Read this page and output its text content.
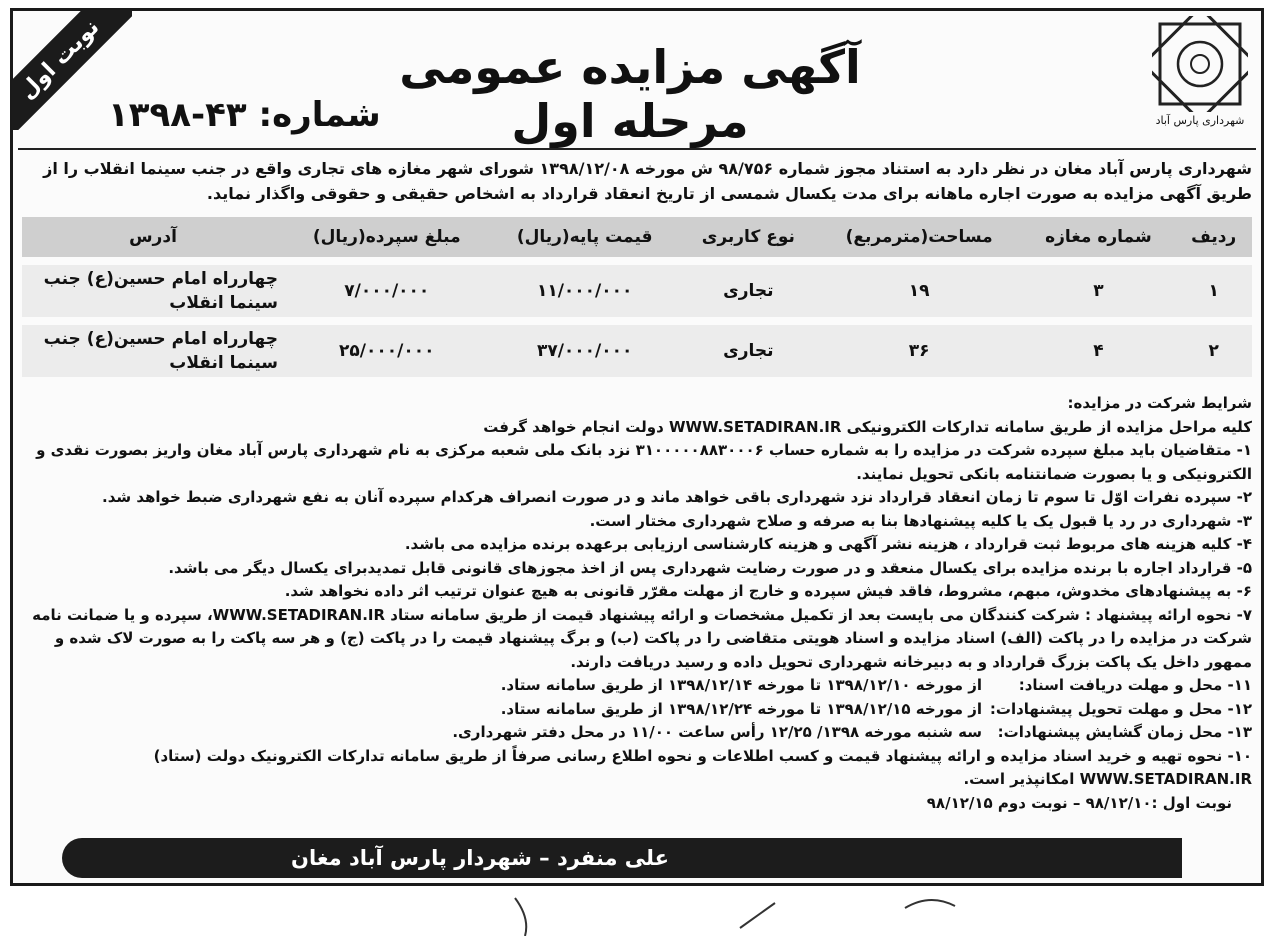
نوبت اول
شهرداری پارس آباد
آگهی مزایده عمومی مرحله اول
شماره: ۴۳-۱۳۹۸
شهرداری پارس آباد مغان در نظر دارد به استناد مجوز شماره ۹۸/۷۵۶ ش مورخه ۱۳۹۸/۱۲/۰۸ شورای شهر مغازه های تجاری واقع در جنب سینما انقلاب را از طریق آگهی مزایده به صورت اجاره ماهانه برای مدت یکسال شمسی از تاریخ انعقاد قرارداد به اشخاص حقیقی و حقوقی واگذار نماید.
ردیف	شماره مغازه	مساحت(مترمربع)	نوع کاربری	قیمت پایه(ریال)	مبلغ سپرده(ریال)	آدرس
۱	۳	۱۹	تجاری	۱۱/۰۰۰/۰۰۰	۷/۰۰۰/۰۰۰	چهارراه امام حسین(ع) جنب سینما انقلاب
۲	۴	۳۶	تجاری	۳۷/۰۰۰/۰۰۰	۲۵/۰۰۰/۰۰۰	چهارراه امام حسین(ع) جنب سینما انقلاب

شرایط شرکت در مزایده:

کلیه مراحل مزایده از طریق سامانه تدارکات الکترونیکی WWW.SETADIRAN.IR دولت انجام خواهد گرفت

۱- متقاضیان باید مبلغ سپرده شرکت در مزایده را به شماره حساب ۳۱۰۰۰۰۰۸۸۳۰۰۰۶ نزد بانک ملی شعبه مرکزی به نام شهرداری پارس آباد مغان واریز بصورت نقدی و الکترونیکی و یا بصورت ضمانتنامه بانکی تحویل نمایند.

۲- سپرده نفرات اوّل تا سوم تا زمان انعقاد قرارداد نزد شهرداری باقی خواهد ماند و در صورت انصراف هرکدام سپرده آنان به نفع شهرداری ضبط خواهد شد.

۳- شهرداری در رد یا قبول یک یا کلیه پیشنهادها بنا به صرفه و صلاح شهرداری مختار است.

۴- کلیه هزینه های مربوط ثبت قرارداد ، هزینه نشر آگهی و هزینه کارشناسی ارزیابی برعهده برنده مزایده می باشد.

۵- قرارداد اجاره با برنده مزایده برای یکسال منعقد و در صورت رضایت شهرداری پس از اخذ مجوزهای قانونی قابل تمدیدبرای یکسال دیگر می باشد.

۶- به پیشنهادهای مخدوش، مبهم، مشروط، فاقد فیش سپرده و خارج از مهلت مقرّر قانونی به هیچ عنوان ترتیب اثر داده نخواهد شد.

۷- نحوه ارائه پیشنهاد : شرکت کنندگان می بایست بعد از تکمیل مشخصات و ارائه پیشنهاد قیمت از طریق سامانه ستاد WWW.SETADIRAN.IR، سپرده و یا ضمانت نامه شرکت در مزایده را در پاکت (الف) اسناد مزایده و اسناد هویتی متقاضی را در پاکت (ب) و برگ پیشنهاد قیمت را در پاکت (ج) و هر سه پاکت را به صورت لاک شده و ممهور داخل یک پاکت بزرگ قرارداد و به دبیرخانه شهرداری تحویل داده و رسید دریافت دارند.

۱۱- محل و مهلت دریافت اسناد:
از مورخه ۱۳۹۸/۱۲/۱۰ تا مورخه ۱۳۹۸/۱۲/۱۴ از طریق سامانه ستاد.
۱۲- محل و مهلت تحویل پیشنهادات:
از مورخه ۱۳۹۸/۱۲/۱۵ تا مورخه ۱۳۹۸/۱۲/۲۴ از طریق سامانه ستاد.
۱۳- محل زمان گشایش پیشنهادات:
سه شنبه مورخه ۱۳۹۸/ ۱۲/۲۵ رأس ساعت ۱۱/۰۰ در محل دفتر شهرداری.

۱۰- نحوه تهیه و خرید اسناد مزایده و ارائه پیشنهاد قیمت و کسب اطلاعات و نحوه اطلاع رسانی صرفاً از طریق سامانه تدارکات الکترونیک دولت (ستاد) WWW.SETADIRAN.IR امکانپذیر است.

نوبت اول :۹۸/۱۲/۱۰ – نوبت دوم ۹۸/۱۲/۱۵

علی منفرد – شهردار پارس آباد مغان
